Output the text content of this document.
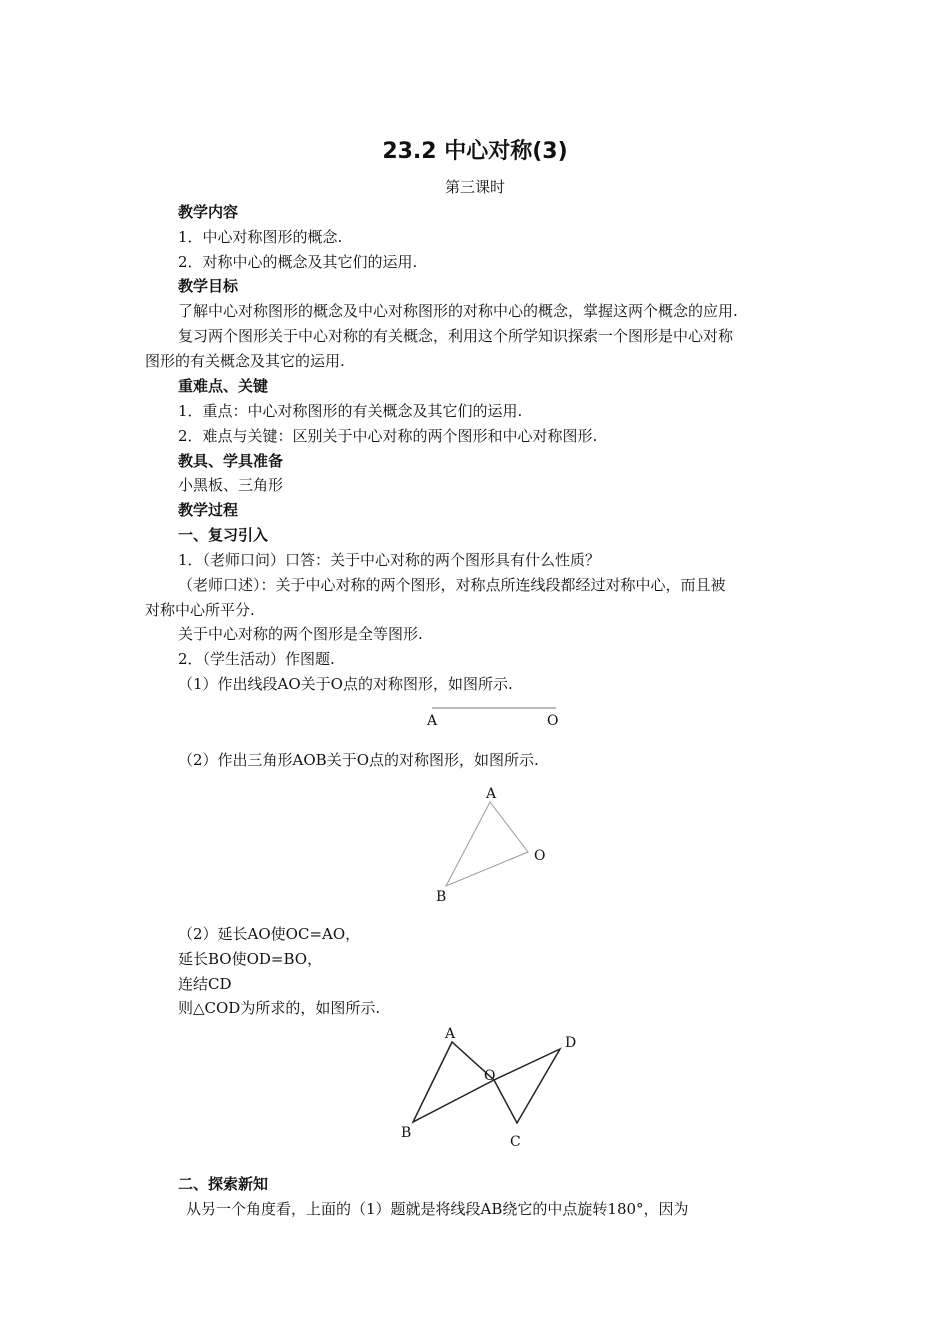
23.2 中心对称(3)
第三课时
教学内容
1．中心对称图形的概念.
2．对称中心的概念及其它们的运用.
教学目标
了解中心对称图形的概念及中心对称图形的对称中心的概念，掌握这两个概念的应用.
复习两个图形关于中心对称的有关概念，利用这个所学知识探索一个图形是中心对称
图形的有关概念及其它的运用.
重难点、关键
1．重点：中心对称图形的有关概念及其它们的运用.
2．难点与关键：区别关于中心对称的两个图形和中心对称图形.
教具、学具准备
小黑板、三角形
教学过程
一、复习引入
1．（老师口问）口答：关于中心对称的两个图形具有什么性质？
（老师口述）：关于中心对称的两个图形，对称点所连线段都经过对称中心，而且被
对称中心所平分.
关于中心对称的两个图形是全等图形.
2．（学生活动）作图题.
（1）作出线段AO关于O点的对称图形，如图所示.
A	O
（2）作出三角形AOB关于O点的对称图形，如图所示.
A
O
B
（2）延长AO使OC=AO，
延长BO使OD=BO，
连结CD
则△COD为所求的，如图所示.
A
B
O
C
D
二、探索新知
从另一个角度看，上面的（1）题就是将线段AB绕它的中点旋转180°，因为
